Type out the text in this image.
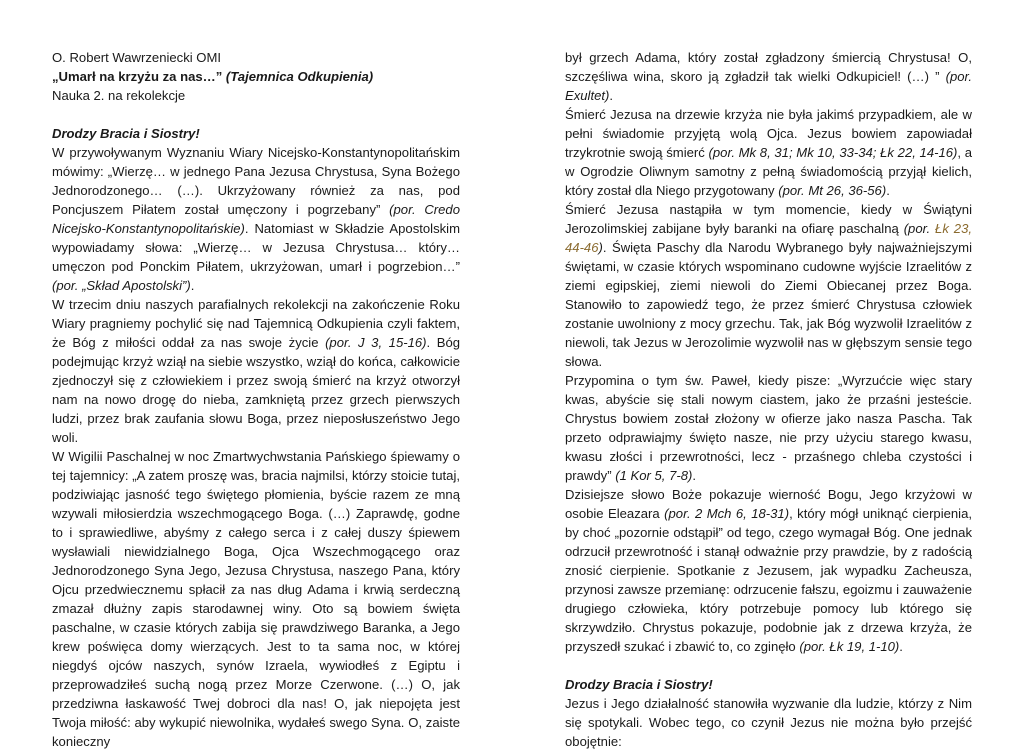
O. Robert Wawrzeniecki OMI

„Umarł na krzyżu za nas…” (Tajemnica Odkupienia)

Nauka 2. na rekolekcje

Drodzy Bracia i Siostry!

W przywoływanym Wyznaniu Wiary Nicejsko-Konstantynopolitańskim mówimy: „Wierzę… w jednego Pana Jezusa Chrystusa, Syna Bożego Jednorodzonego… (…). Ukrzyżowany również za nas, pod Poncjuszem Piłatem został umęczony i pogrzebany” (por. Credo Nicejsko-Konstantynopolitańskie). Natomiast w Składzie Apostolskim wypowiadamy słowa: „Wierzę… w Jezusa Chrystusa… który… umęczon pod Ponckim Piłatem, ukrzyżowan, umarł i pogrzebion…” (por. „Skład Apostolski”).

W trzecim dniu naszych parafialnych rekolekcji na zakończenie Roku Wiary pragniemy pochylić się nad Tajemnicą Odkupienia czyli faktem, że Bóg z miłości oddał za nas swoje życie (por. J 3, 15-16). Bóg podejmując krzyż wziął na siebie wszystko, wziął do końca, całkowicie zjednoczył się z człowiekiem i przez swoją śmierć na krzyż otworzył nam na nowo drogę do nieba, zamkniętą przez grzech pierwszych ludzi, przez brak zaufania słowu Boga, przez nieposłuszeństwo Jego woli.

W Wigilii Paschalnej w noc Zmartwychwstania Pańskiego śpiewamy o tej tajemnicy: „A zatem proszę was, bracia najmilsi, którzy stoicie tutaj, podziwiając jasność tego świętego płomienia, byście razem ze mną wzywali miłosierdzia wszechmogącego Boga. (…) Zaprawdę, godne to i sprawiedliwe, abyśmy z całego serca i z całej duszy śpiewem wysławiali niewidzialnego Boga, Ojca Wszechmogącego oraz Jednorodzonego Syna Jego, Jezusa Chrystusa, naszego Pana, który Ojcu przedwiecznemu spłacił za nas dług Adama i krwią serdeczną zmazał dłużny zapis starodawnej winy. Oto są bowiem święta paschalne, w czasie których zabija się prawdziwego Baranka, a Jego krew poświęca domy wierzących. Jest to ta sama noc, w której niegdyś ojców naszych, synów Izraela, wywiodłeś z Egiptu i przeprowadziłeś suchą nogą przez Morze Czerwone. (…) O, jak przedziwna łaskawość Twej dobroci dla nas! O, jak niepojęta jest Twoja miłość: aby wykupić niewolnika, wydałeś swego Syna. O, zaiste konieczny

był grzech Adama, który został zgładzony śmiercią Chrystusa! O, szczęśliwa wina, skoro ją zgładził tak wielki Odkupiciel! (…) ” (por. Exultet).

Śmierć Jezusa na drzewie krzyża nie była jakimś przypadkiem, ale w pełni świadomie przyjętą wolą Ojca. Jezus bowiem zapowiadał trzykrotnie swoją śmierć (por. Mk 8, 31; Mk 10, 33-34; Łk 22, 14-16), a w Ogrodzie Oliwnym samotny z pełną świadomością przyjął kielich, który został dla Niego przygotowany (por. Mt 26, 36-56).

Śmierć Jezusa nastąpiła w tym momencie, kiedy w Świątyni Jerozolimskiej zabijane były baranki na ofiarę paschalną (por. Łk 23, 44-46). Święta Paschy dla Narodu Wybranego były najważniejszymi świętami, w czasie których wspominano cudowne wyjście Izraelitów z ziemi egipskiej, ziemi niewoli do Ziemi Obiecanej przez Boga. Stanowiło to zapowiedź tego, że przez śmierć Chrystusa człowiek zostanie uwolniony z mocy grzechu. Tak, jak Bóg wyzwolił Izraelitów z niewoli, tak Jezus w Jerozolimie wyzwolił nas w głębszym sensie tego słowa.

Przypomina o tym św. Paweł, kiedy pisze: „Wyrzućcie więc stary kwas, abyście się stali nowym ciastem, jako że przaśni jesteście. Chrystus bowiem został złożony w ofierze jako nasza Pascha. Tak przeto odprawiajmy święto nasze, nie przy użyciu starego kwasu, kwasu złości i przewrotności, lecz - przaśnego chleba czystości i prawdy” (1 Kor 5, 7-8).

Dzisiejsze słowo Boże pokazuje wierność Bogu, Jego krzyżowi w osobie Eleazara (por. 2 Mch 6, 18-31), który mógł uniknąć cierpienia, by choć „pozornie odstąpił” od tego, czego wymagał Bóg. One jednak odrzucił przewrotność i stanął odważnie przy prawdzie, by z radością znosić cierpienie. Spotkanie z Jezusem, jak wypadku Zacheusza, przynosi zawsze przemianę: odrzucenie fałszu, egoizmu i zauważenie drugiego człowieka, który potrzebuje pomocy lub którego się skrzywdziło. Chrystus pokazuje, podobnie jak z drzewa krzyża, że przyszedł szukać i zbawić to, co zginęło (por. Łk 19, 1-10).

Drodzy Bracia i Siostry!

Jezus i Jego działalność stanowiła wyzwanie dla ludzie, którzy z Nim się spotykali. Wobec tego, co czynił Jezus nie można było przejść obojętnie:
